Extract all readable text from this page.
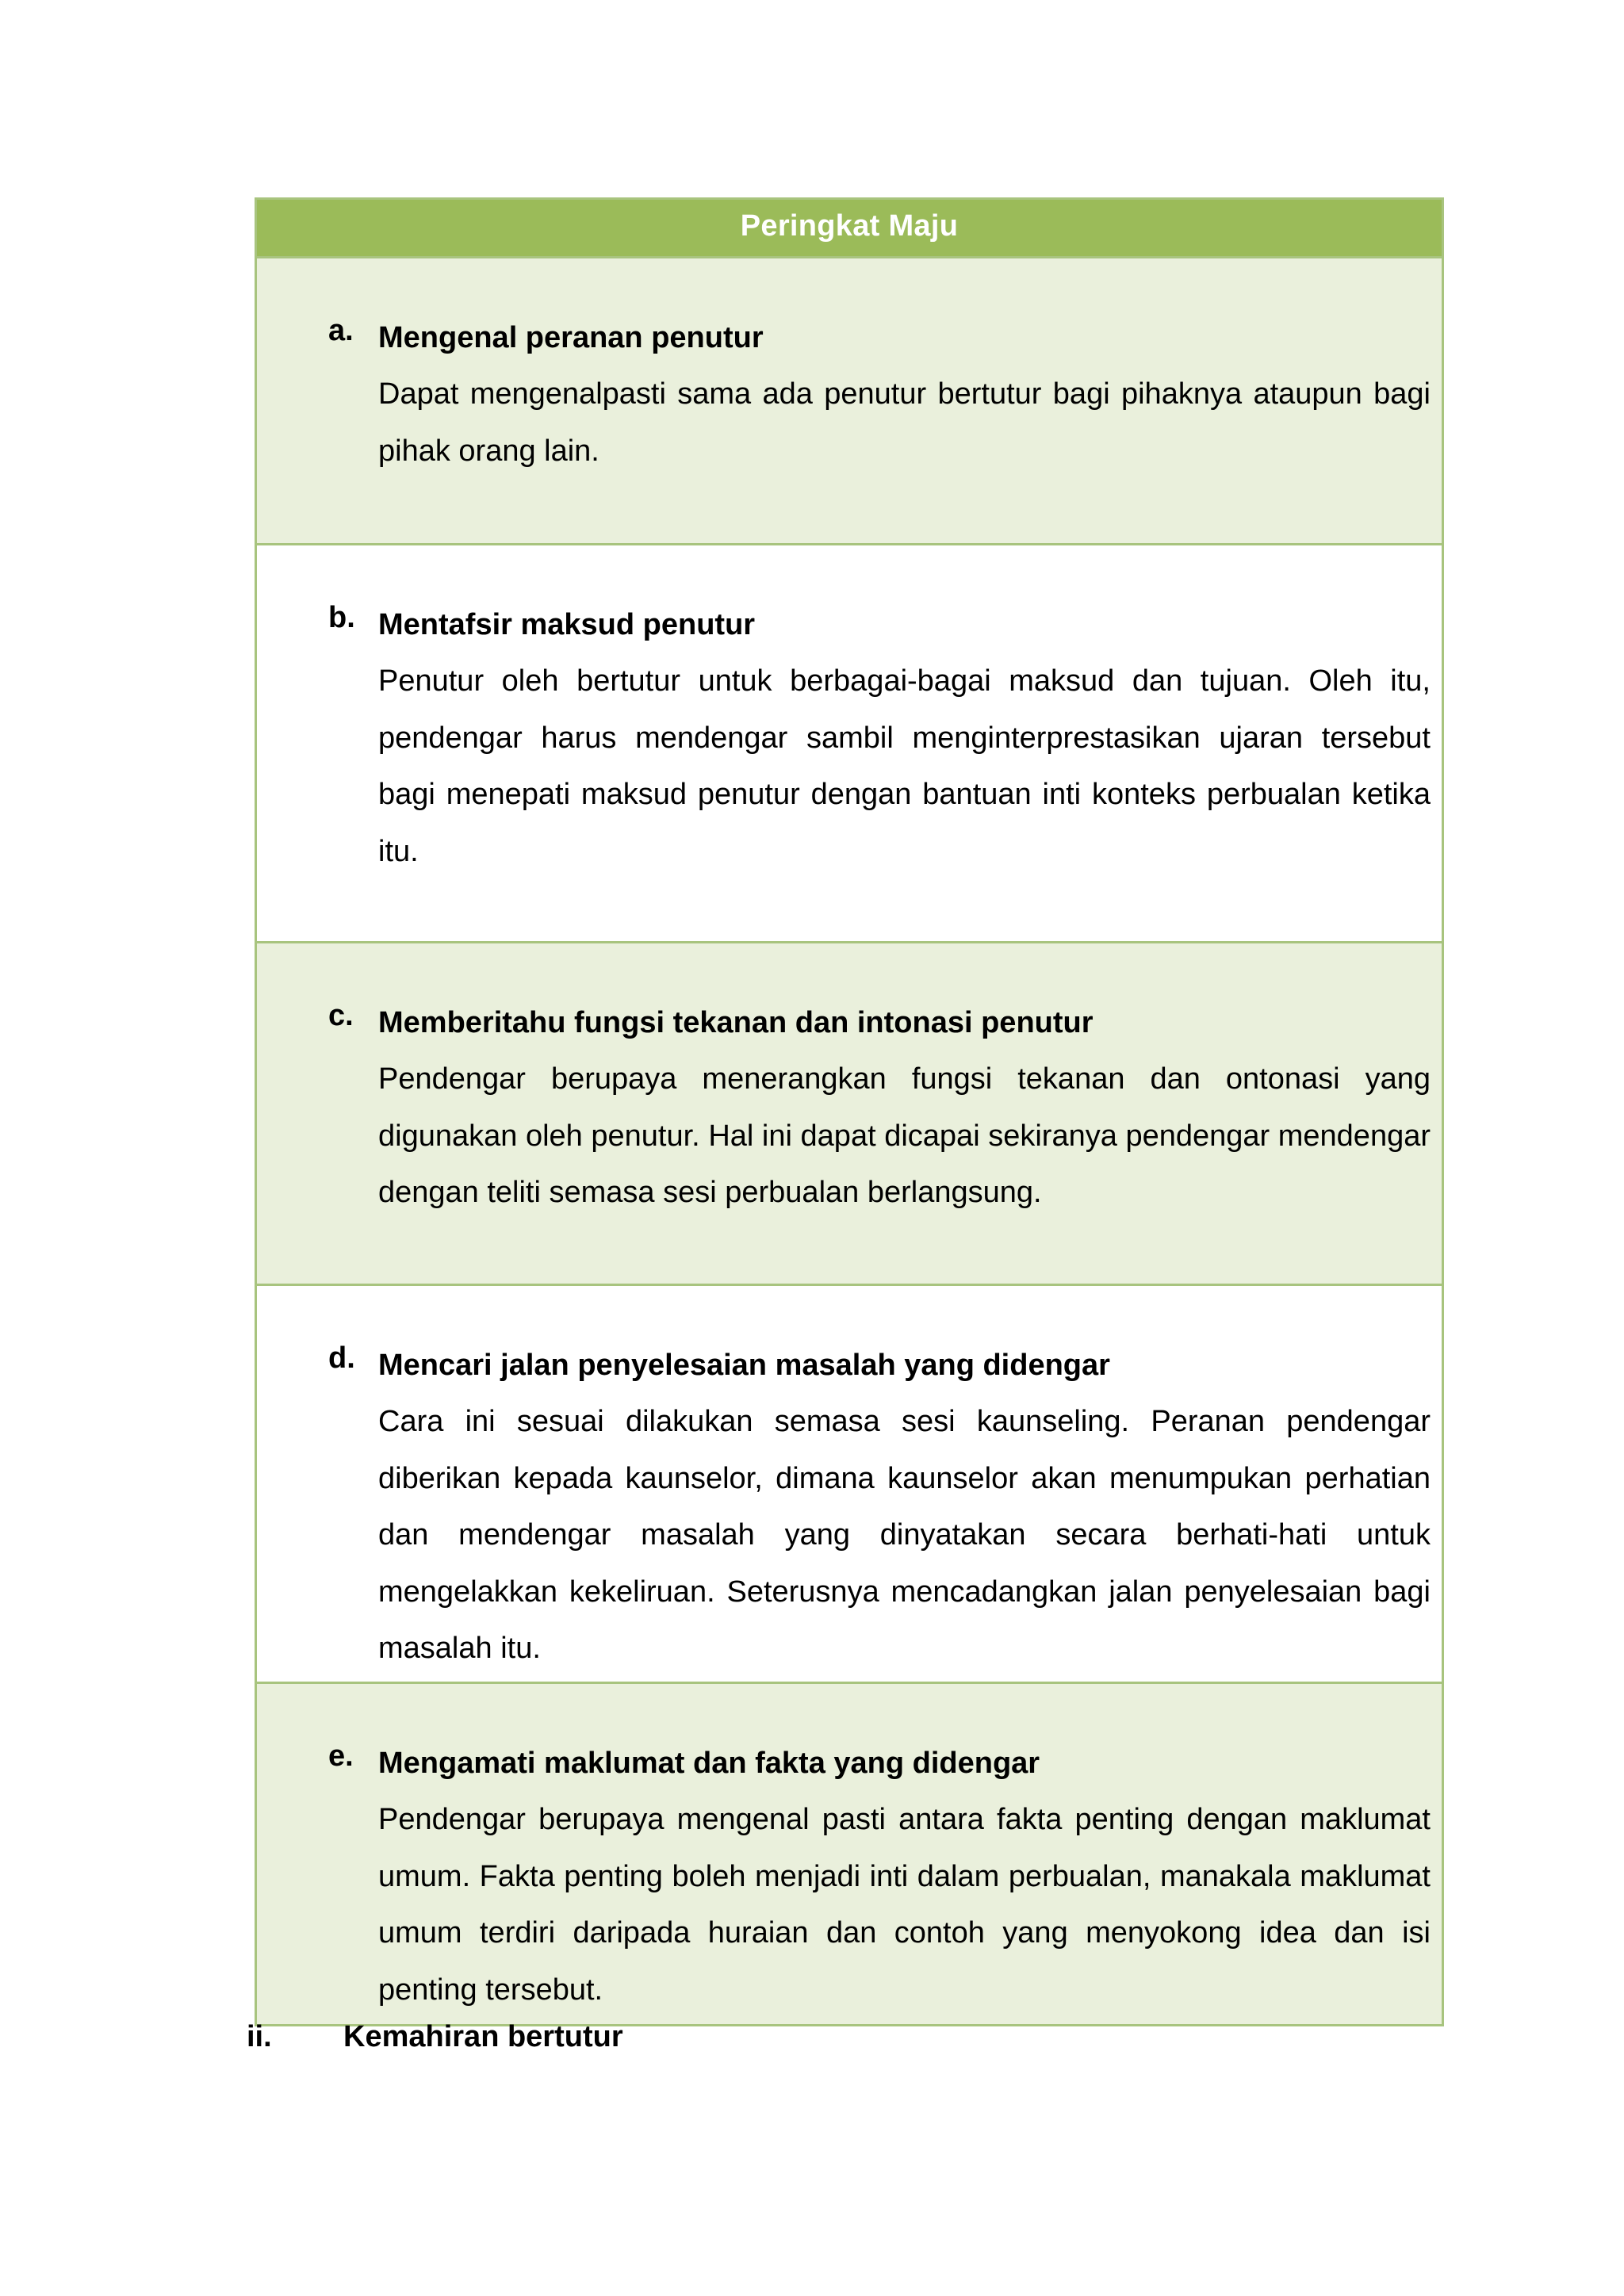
Peringkat Maju
a. Mengenal peranan penutur
Dapat mengenalpasti sama ada penutur bertutur bagi pihaknya ataupun bagi pihak orang lain.
b. Mentafsir maksud penutur
Penutur oleh bertutur untuk berbagai-bagai maksud dan tujuan. Oleh itu, pendengar harus mendengar sambil menginterprestasikan ujaran tersebut bagi menepati maksud penutur dengan bantuan inti konteks perbualan ketika itu.
c. Memberitahu fungsi tekanan dan intonasi penutur
Pendengar berupaya menerangkan fungsi tekanan dan ontonasi yang digunakan oleh penutur. Hal ini dapat dicapai sekiranya pendengar mendengar dengan teliti semasa sesi perbualan berlangsung.
d. Mencari jalan penyelesaian masalah yang didengar
Cara ini sesuai dilakukan semasa sesi kaunseling. Peranan pendengar diberikan kepada kaunselor, dimana kaunselor akan menumpukan perhatian dan mendengar masalah yang dinyatakan secara berhati-hati untuk mengelakkan kekeliruan. Seterusnya mencadangkan jalan penyelesaian bagi masalah itu.
e. Mengamati maklumat dan fakta yang didengar
Pendengar berupaya mengenal pasti antara fakta penting dengan maklumat umum. Fakta penting boleh menjadi inti dalam perbualan, manakala maklumat umum terdiri daripada huraian dan contoh yang menyokong idea dan isi penting tersebut.
ii.	Kemahiran bertutur
